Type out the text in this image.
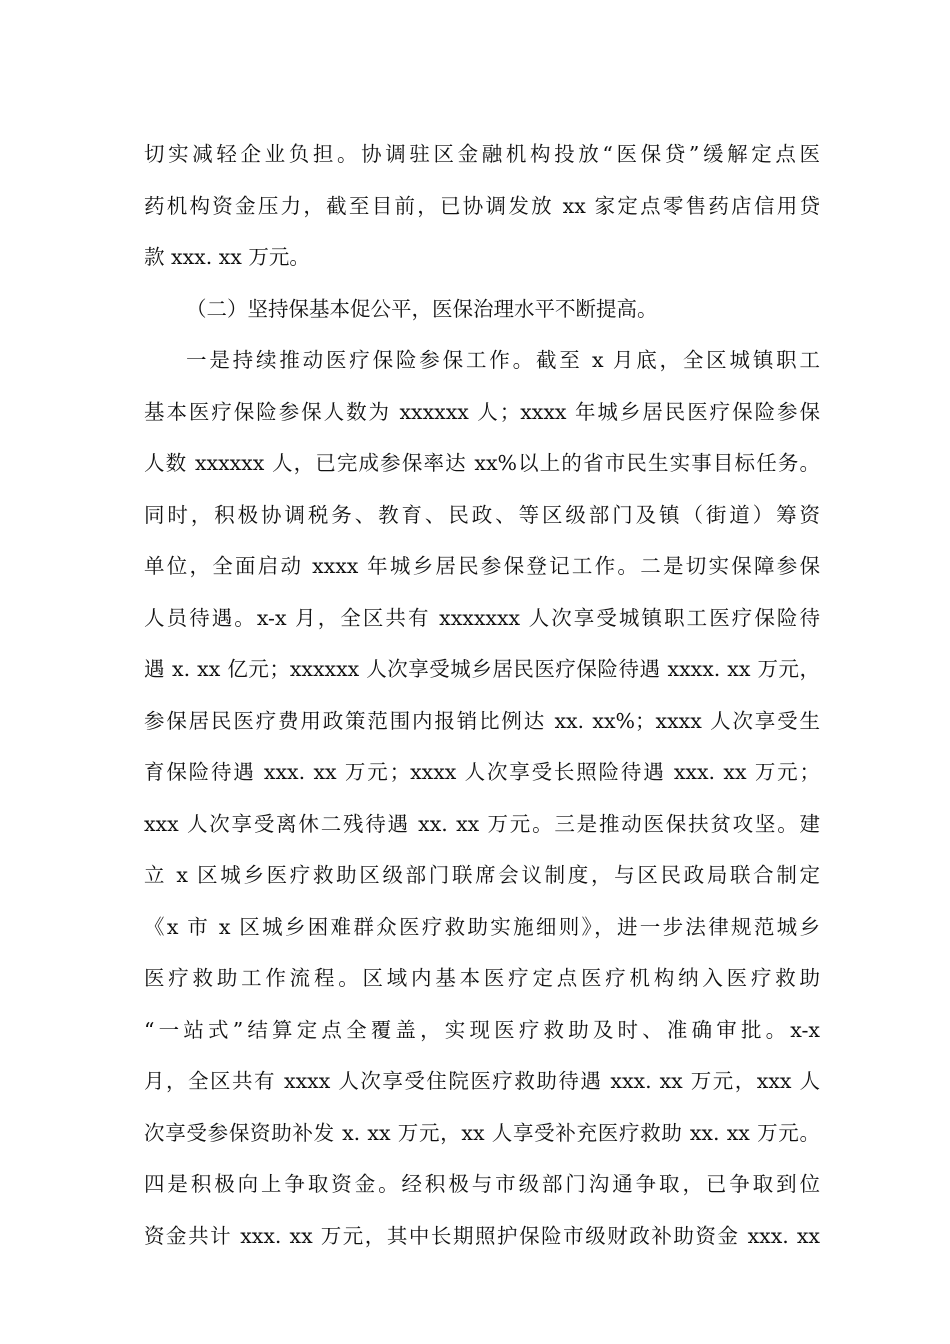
切实减轻企业负担。协调驻区金融机构投放“医保贷”缓解定点医
药机构资金压力，截至目前，已协调发放 xx 家定点零售药店信用贷
款 xxx. xx 万元。
（二）坚持保基本促公平，医保治理水平不断提高。
一是持续推动医疗保险参保工作。截至 x 月底，全区城镇职工
基本医疗保险参保人数为 xxxxxx 人；xxxx 年城乡居民医疗保险参保
人数 xxxxxx 人，已完成参保率达 xx%以上的省市民生实事目标任务。
同时，积极协调税务、教育、民政、等区级部门及镇（街道）筹资
单位，全面启动 xxxx 年城乡居民参保登记工作。二是切实保障参保
人员待遇。x-x 月，全区共有 xxxxxxx 人次享受城镇职工医疗保险待
遇 x. xx 亿元；xxxxxx 人次享受城乡居民医疗保险待遇 xxxx. xx 万元，
参保居民医疗费用政策范围内报销比例达 xx. xx%；xxxx 人次享受生
育保险待遇 xxx. xx 万元；xxxx 人次享受长照险待遇 xxx. xx 万元；
xxx 人次享受离休二残待遇 xx. xx 万元。三是推动医保扶贫攻坚。建
立 x 区城乡医疗救助区级部门联席会议制度，与区民政局联合制定
《x 市 x 区城乡困难群众医疗救助实施细则》，进一步法律规范城乡
医疗救助工作流程。区域内基本医疗定点医疗机构纳入医疗救助
“一站式”结算定点全覆盖，实现医疗救助及时、准确审批。x-x
月，全区共有 xxxx 人次享受住院医疗救助待遇 xxx. xx 万元，xxx 人
次享受参保资助补发 x. xx 万元，xx 人享受补充医疗救助 xx. xx 万元。
四是积极向上争取资金。经积极与市级部门沟通争取，已争取到位
资金共计 xxx. xx 万元，其中长期照护保险市级财政补助资金 xxx. xx
